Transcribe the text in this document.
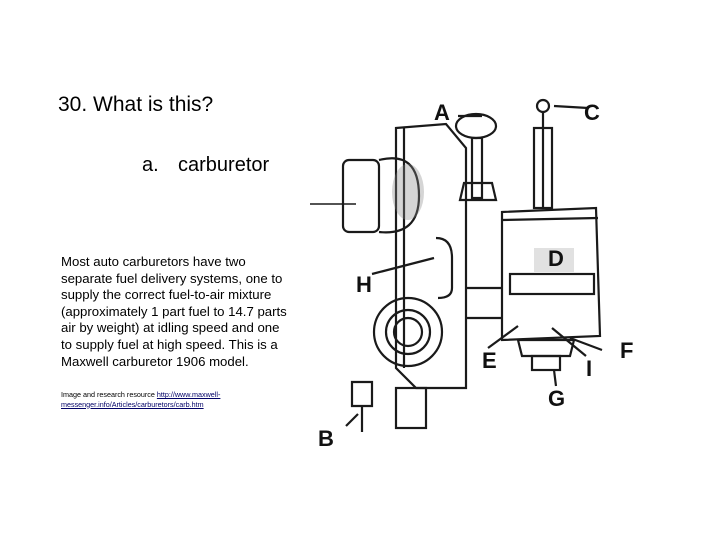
30. What is this?
a. carburetor

Most auto carburetors have two separate fuel delivery systems, one to supply the correct fuel-to-air mixture (approximately 1 part fuel to 14.7 parts air by weight) at idling speed and one to supply fuel at high speed. This is a Maxwell carburetor 1906 model.

Image and research resource http://www.maxwell-messenger.info/Articles/carburetors/carb.htm
A	C
D
H
E	F
I
G
B
